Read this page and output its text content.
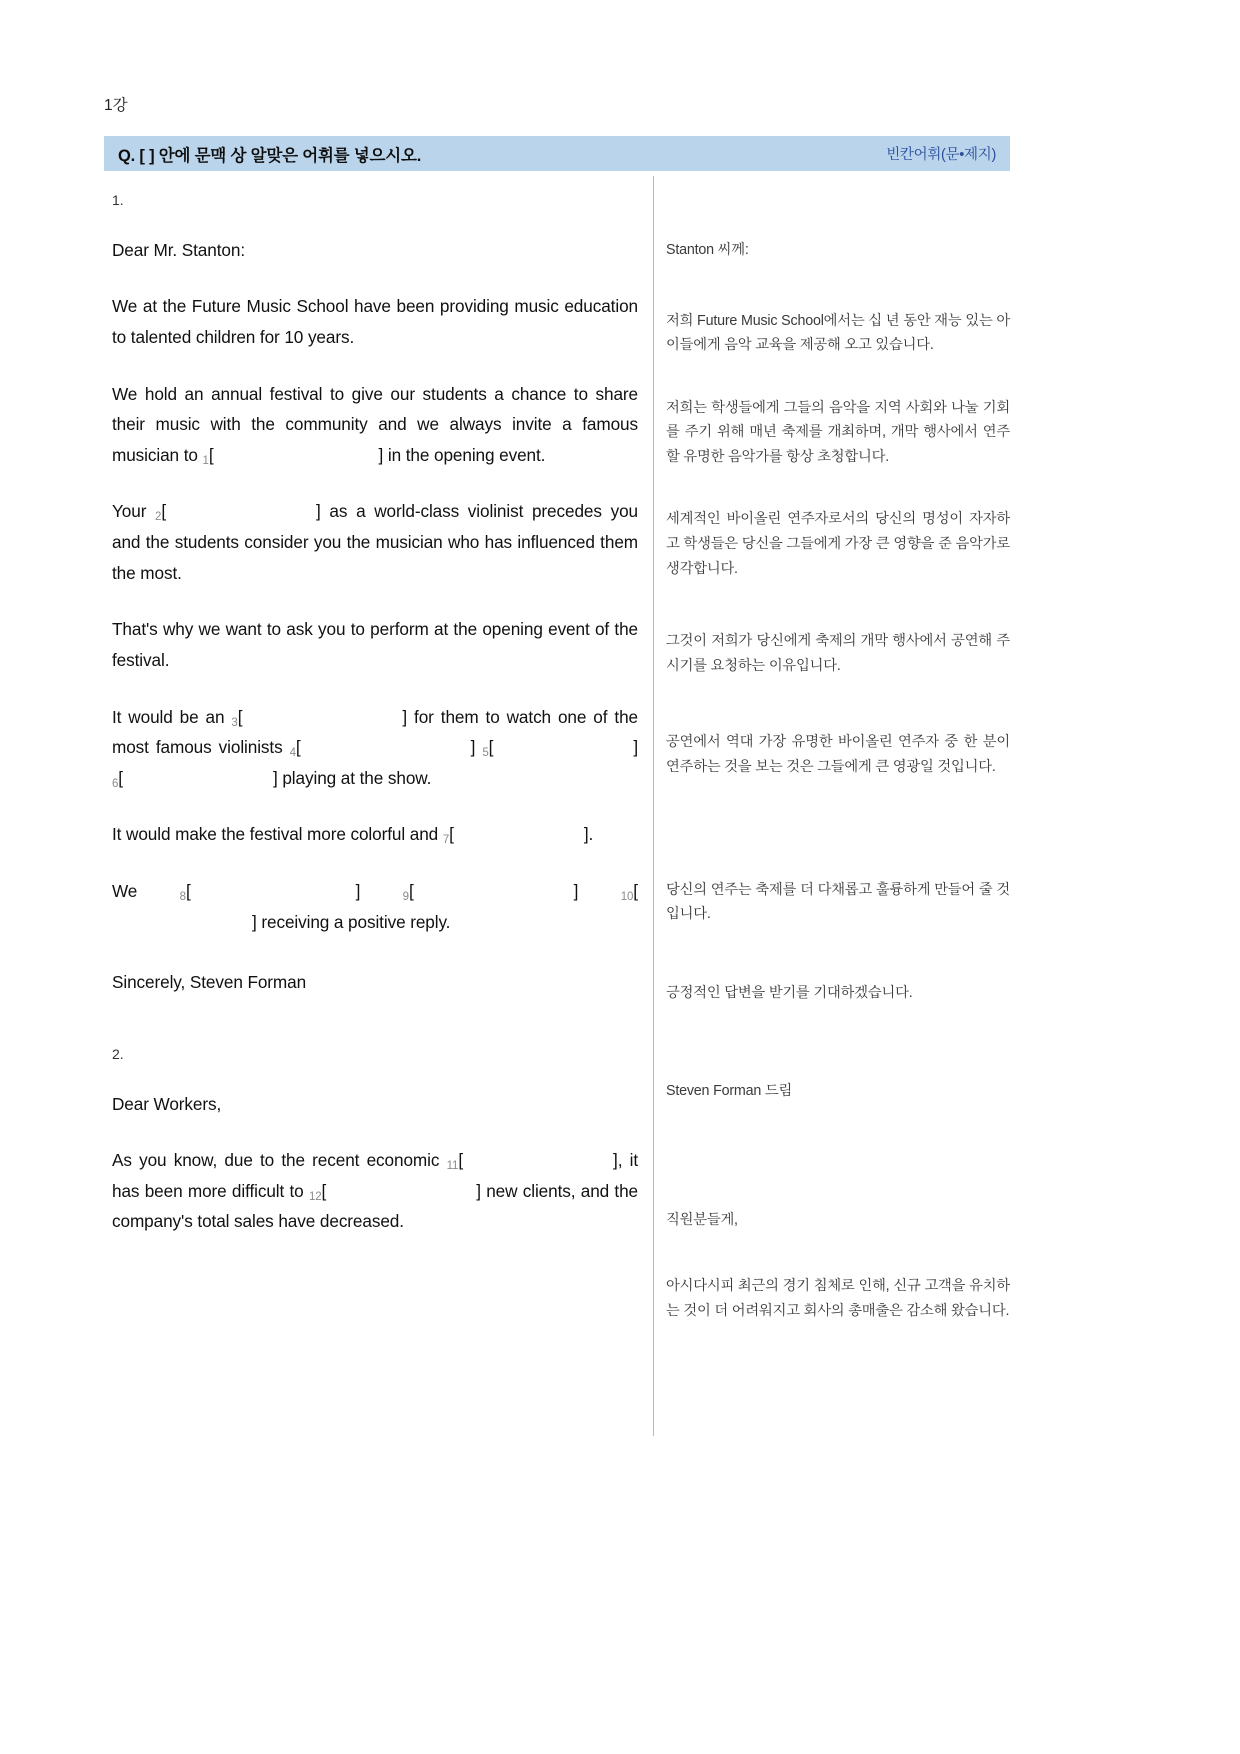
1강
Q. [ ] 안에 문맥 상 알맞은 어휘를 넣으시오.	빈칸어휘(문•제지)
1.
Dear Mr. Stanton:
We at the Future Music School have been providing music education to talented children for 10 years.
We hold an annual festival to give our students a chance to share their music with the community and we always invite a famous musician to 1[	] in the opening event.
Your 2[	] as a world-class violinist precedes you and the students consider you the musician who has influenced them the most.
That's why we want to ask you to perform at the opening event of the festival.
It would be an 3[	] for them to watch one of the most famous violinists 4[	] 5[	] 6[	] playing at the show.
It would make the festival more colorful and 7[	].
We 8[	]	9[	]	10[] receiving a positive reply.
Sincerely, Steven Forman
2.
Dear Workers,
As you know, due to the recent economic 11[	], it has been more difficult to 12[	] new clients, and the company's total sales have decreased.
Stanton 씨께:
저희 Future Music School에서는 십 년 동안 재능 있는 아이들에게 음악 교육을 제공해 오고 있습니다.
저희는 학생들에게 그들의 음악을 지역 사회와 나눌 기회를 주기 위해 매년 축제를 개최하며, 개막 행사에서 연주할 유명한 음악가를 항상 초청합니다.
세계적인 바이올린 연주자로서의 당신의 명성이 자자하고 학생들은 당신을 그들에게 가장 큰 영향을 준 음악가로 생각합니다.
그것이 저희가 당신에게 축제의 개막 행사에서 공연해 주시기를 요청하는 이유입니다.
공연에서 역대 가장 유명한 바이올린 연주자 중 한 분이 연주하는 것을 보는 것은 그들에게 큰 영광일 것입니다.
당신의 연주는 축제를 더 다채롭고 훌륭하게 만들어 줄 것입니다.
긍정적인 답변을 받기를 기대하겠습니다.
Steven Forman 드림
직원분들게,
아시다시피 최근의 경기 침체로 인해, 신규 고객을 유치하는 것이 더 어려워지고 회사의 총매출은 감소해 왔습니다.
